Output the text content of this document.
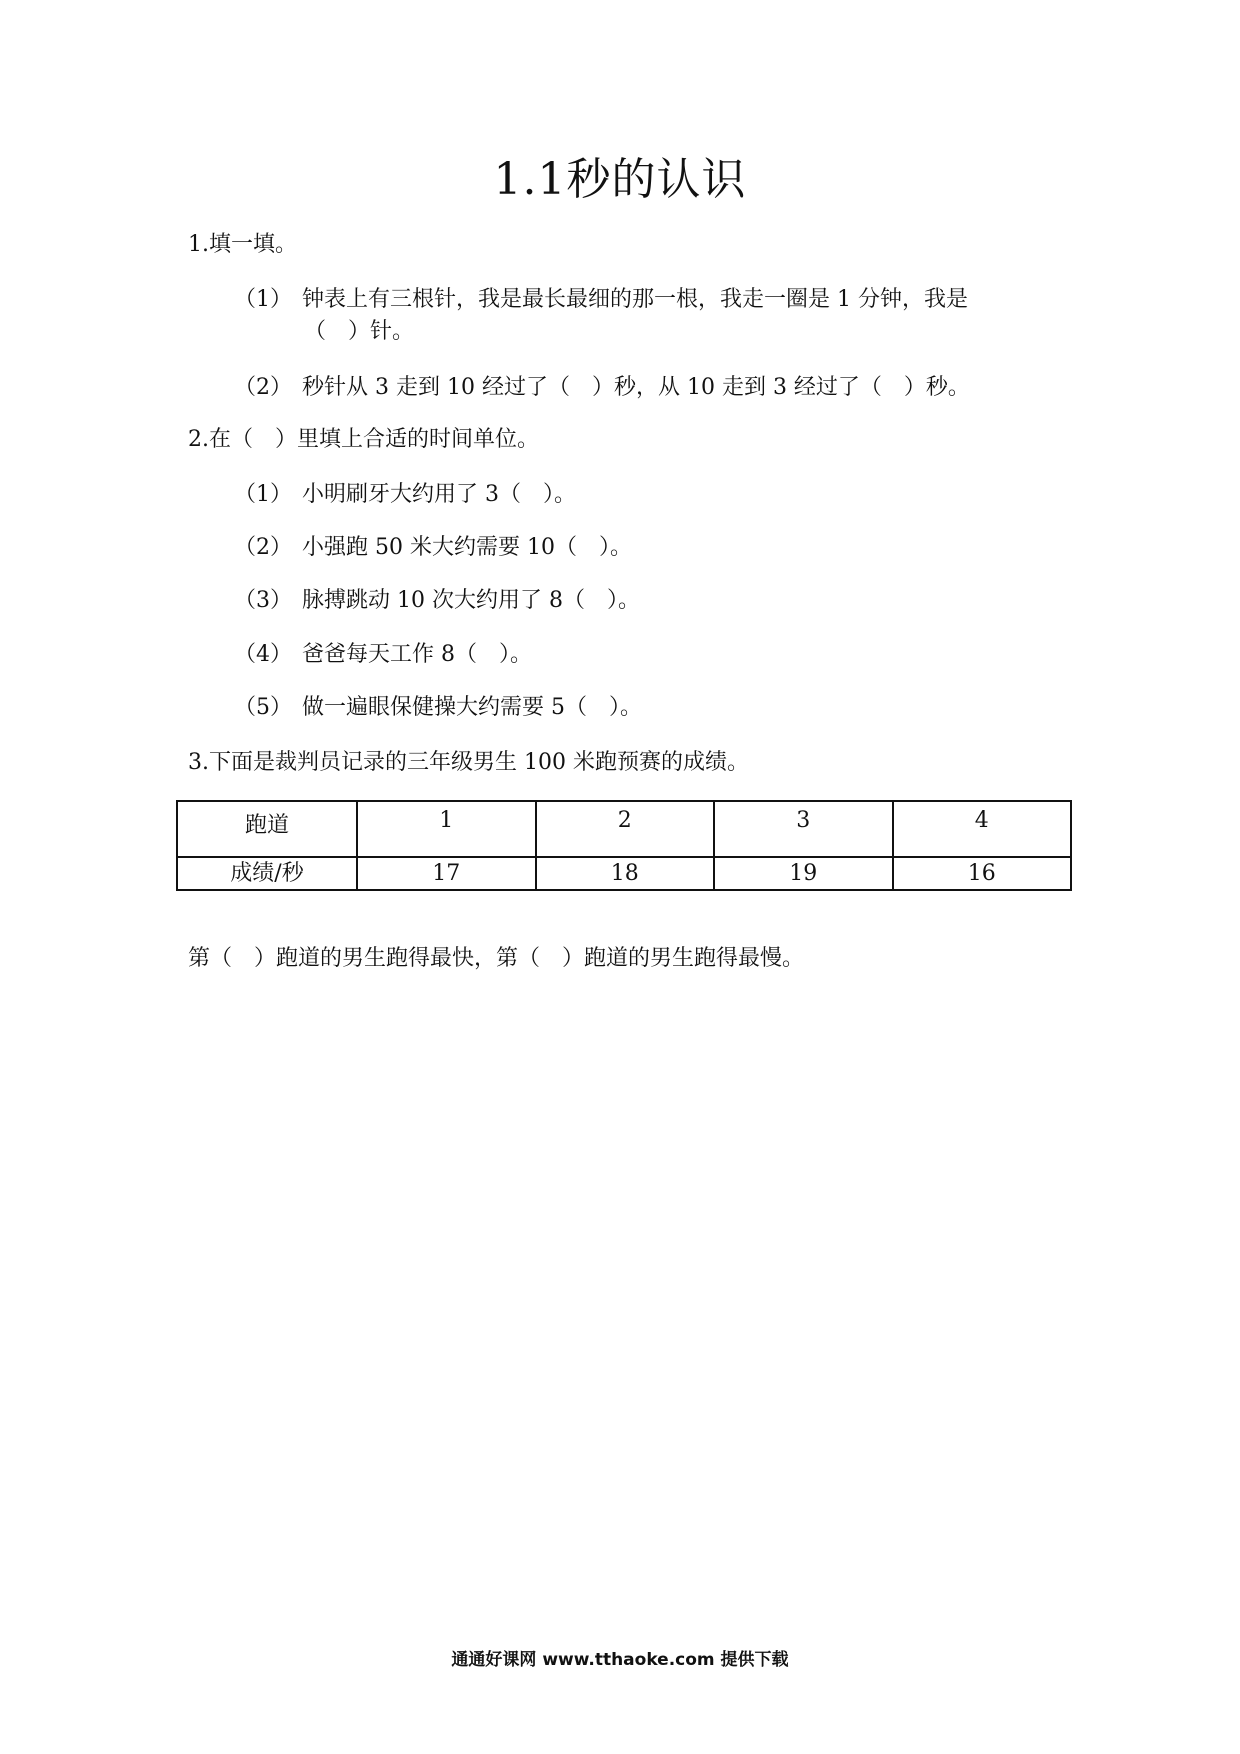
1.1秒的认识
1.填一填。
（1） 钟表上有三根针，我是最长最细的那一根，我走一圈是 1 分钟，我是
（　）针。
（2） 秒针从 3 走到 10 经过了（　）秒，从 10 走到 3 经过了（　）秒。
2.在（　）里填上合适的时间单位。
（1） 小明刷牙大约用了 3（　）。
（2） 小强跑 50 米大约需要 10（　）。
（3） 脉搏跳动 10 次大约用了 8（　）。
（4） 爸爸每天工作 8（　）。
（5） 做一遍眼保健操大约需要 5（　）。
3.下面是裁判员记录的三年级男生 100 米跑预赛的成绩。
跑道	1	2	3	4
成绩/秒	17	18	19	16
第（　）跑道的男生跑得最快，第（　）跑道的男生跑得最慢。
通通好课网 www.tthaoke.com 提供下载
